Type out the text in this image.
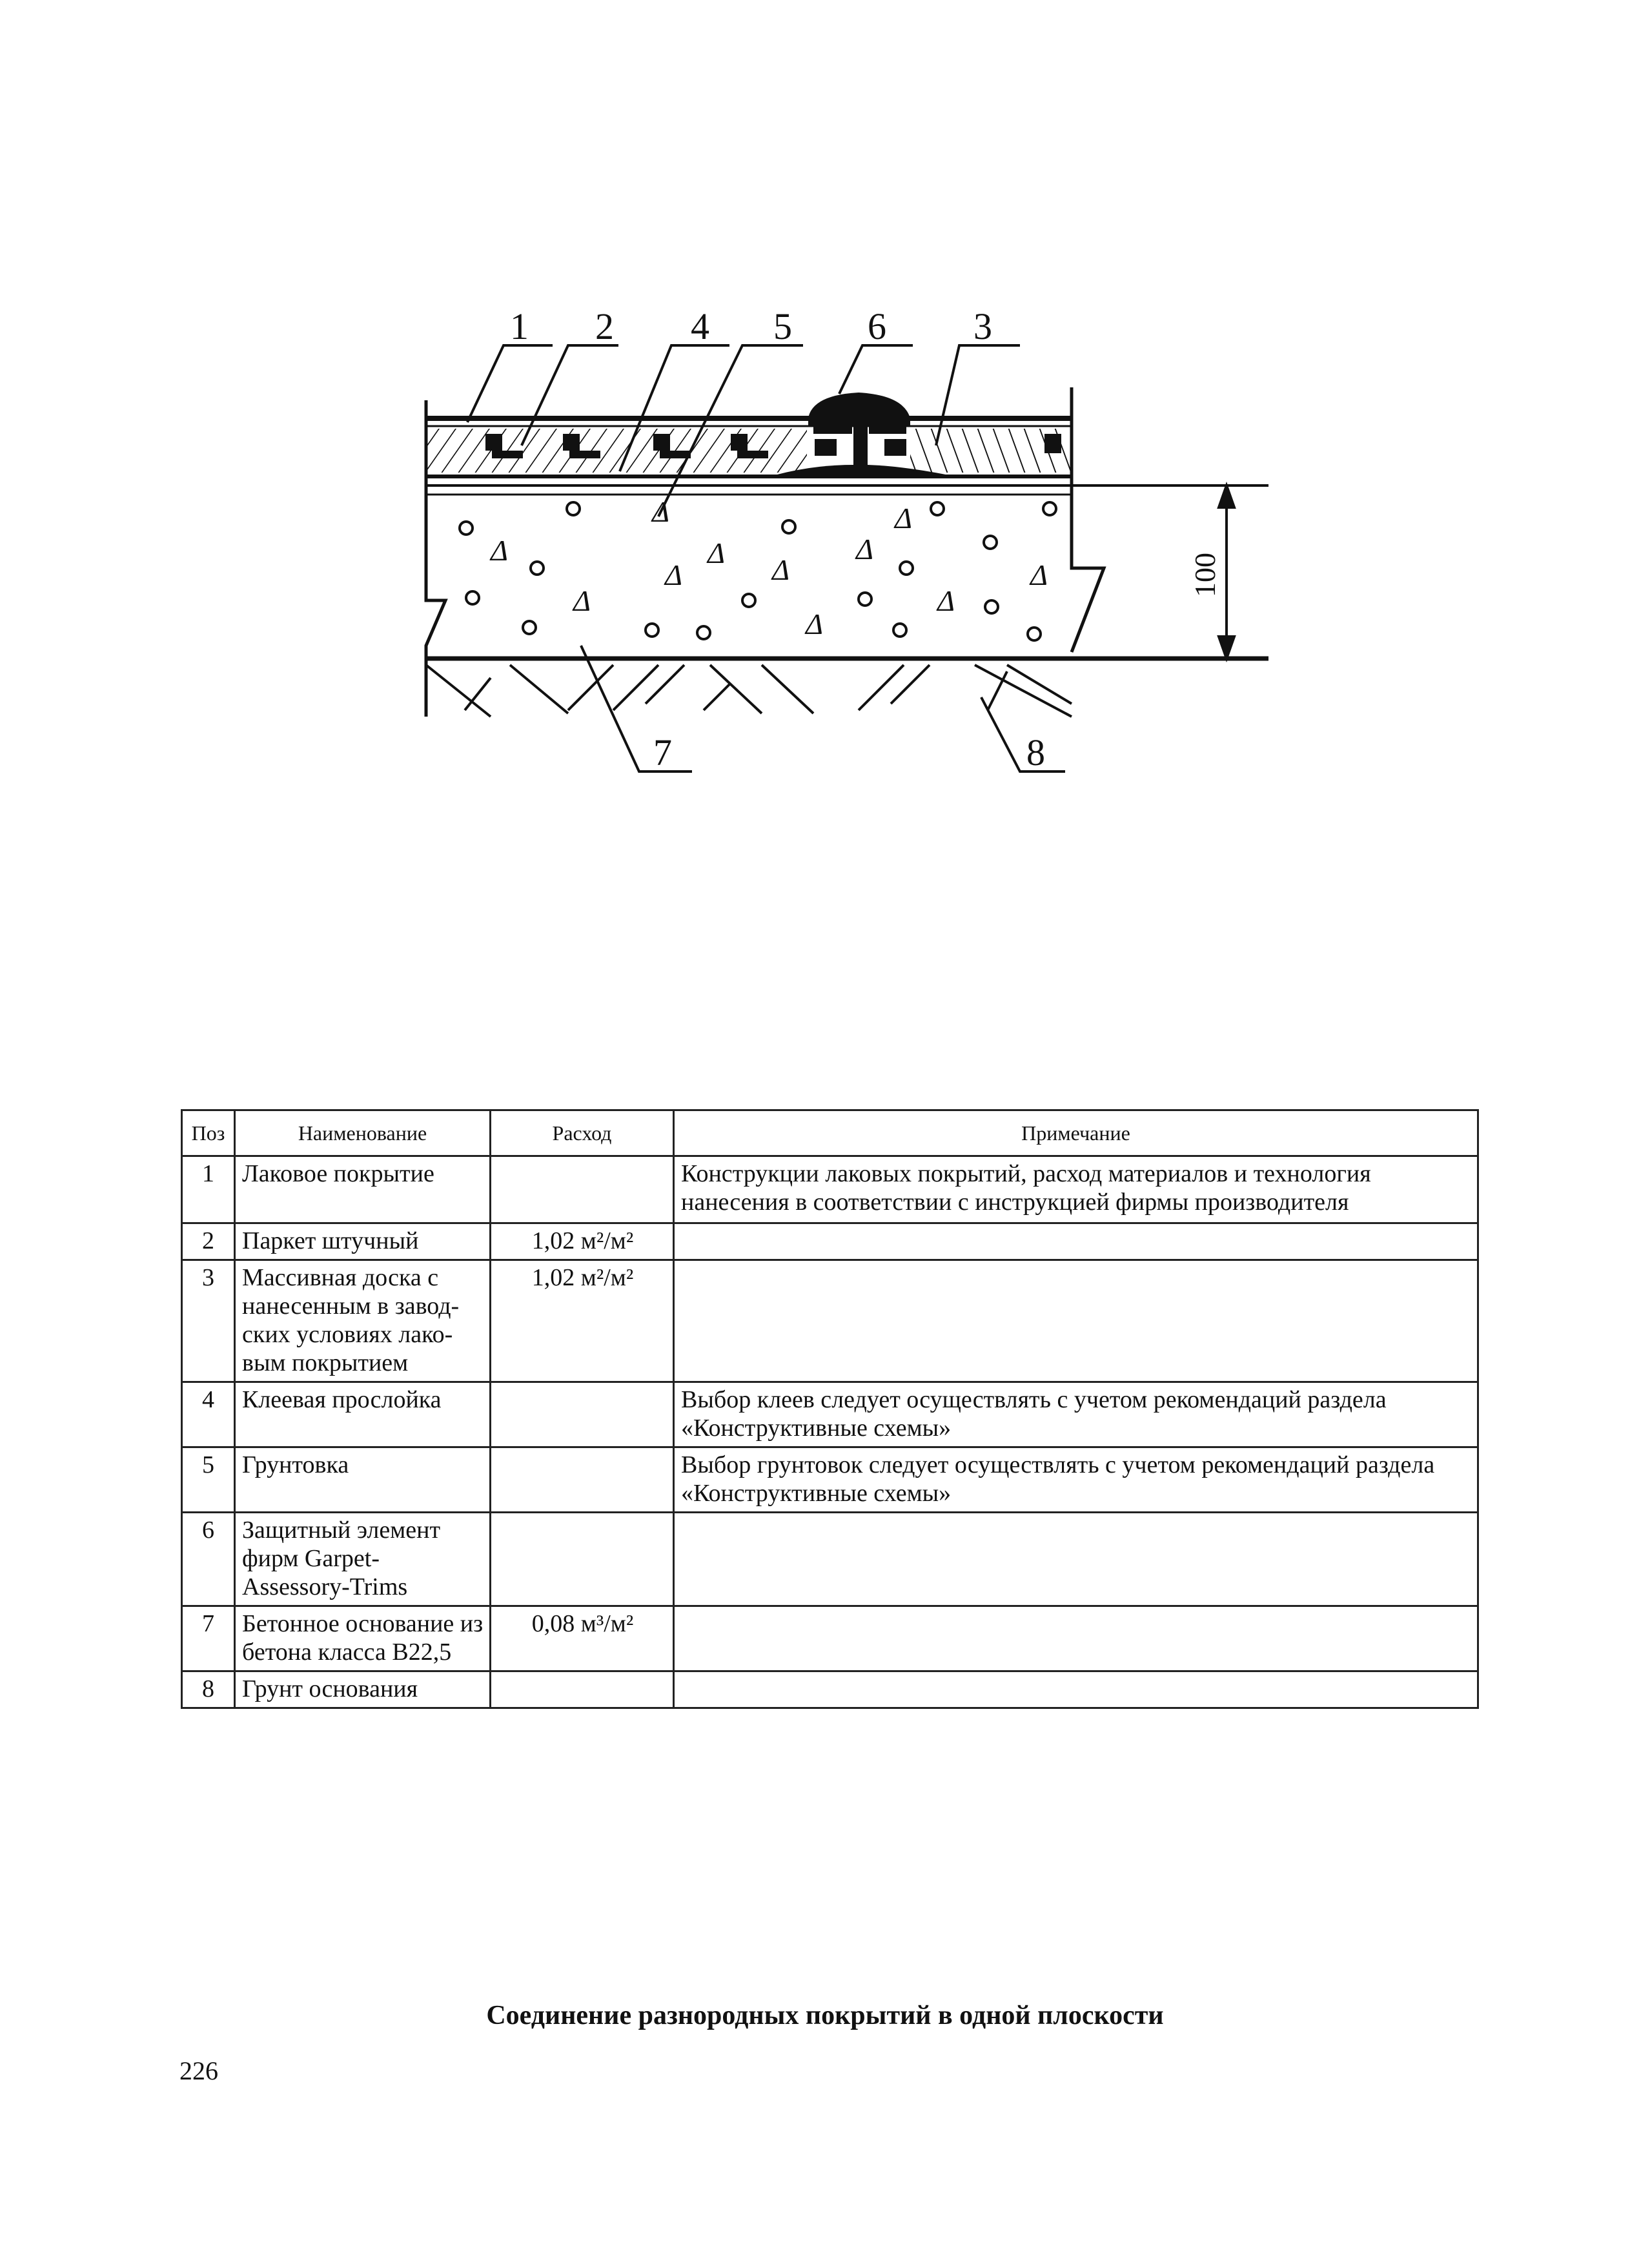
Δ
Δ
Δ
Δ
Δ
Δ
Δ
Δ
Δ
Δ
Δ	100
1 2 4 5 6 3
7	8
Поз	Наименование	Расход	Примечание
1	Лаковое покрытие		Конструкции лаковых покрытий, расход материалов и технология нанесения в соответствии с инструкцией фирмы производителя
2	Паркет штучный	1,02 м²/м²	
3	Массивная доска с нанесенным в заводских условиях лаковым покрытием	1,02 м²/м²	
4	Клеевая прослойка		Выбор клеев следует осуществлять с учетом рекомендаций раздела «Конструктивные схемы»
5	Грунтовка		Выбор грунтовок следует осуществлять с учетом рекомендаций раздела «Конструктивные схемы»
6	Защитный элемент фирм Garpet-Assessory-Trims		
7	Бетонное основание из бетона класса B22,5	0,08 м³/м²	
8	Грунт основания		
Соединение разнородных покрытий в одной плоскости
226
